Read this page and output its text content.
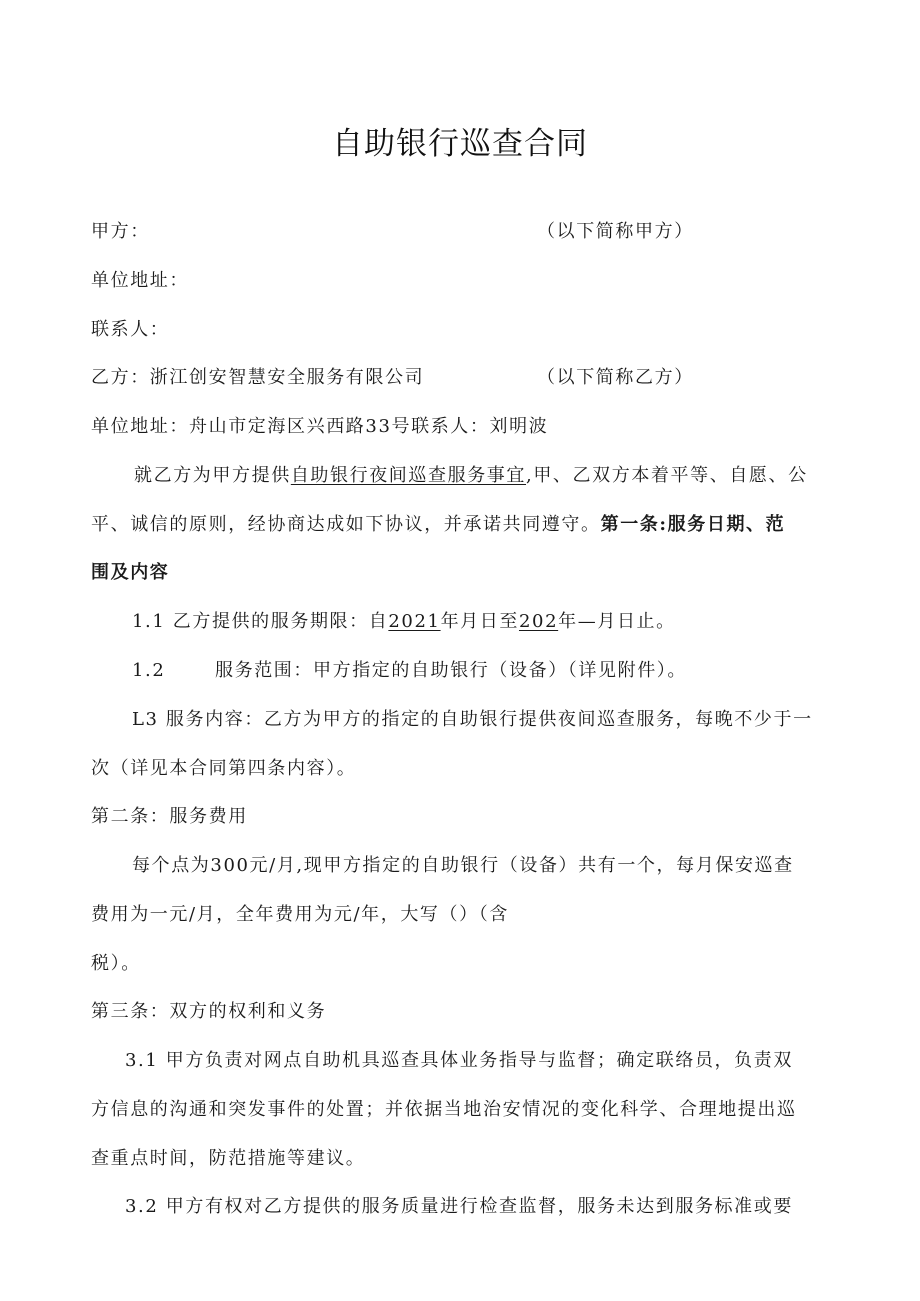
自助银行巡查合同
甲方：	（以下简称甲方）
单位地址：
联系人：
乙方：浙江创安智慧安全服务有限公司	（以下简称乙方）
单位地址：舟山市定海区兴西路33号联系人：刘明波
就乙方为甲方提供自助银行夜间巡查服务事宜,甲、乙双方本着平等、自愿、公
平、诚信的原则，经协商达成如下协议，并承诺共同遵守。第一条:服务日期、范
围及内容
1.1 乙方提供的服务期限：自2021年月日至202年—月日止。
1.2	服务范围：甲方指定的自助银行（设备）（详见附件）。
L3 服务内容：乙方为甲方的指定的自助银行提供夜间巡查服务，每晚不少于一
次（详见本合同第四条内容）。
第二条：服务费用
每个点为300元/月,现甲方指定的自助银行（设备）共有一个，每月保安巡查
费用为一元/月，全年费用为元/年，大写（）（含
税）。
第三条：双方的权利和义务
3.1 甲方负责对网点自助机具巡查具体业务指导与监督；确定联络员，负责双
方信息的沟通和突发事件的处置；并依据当地治安情况的变化科学、合理地提出巡
查重点时间，防范措施等建议。
3.2 甲方有权对乙方提供的服务质量进行检查监督，服务未达到服务标准或要
